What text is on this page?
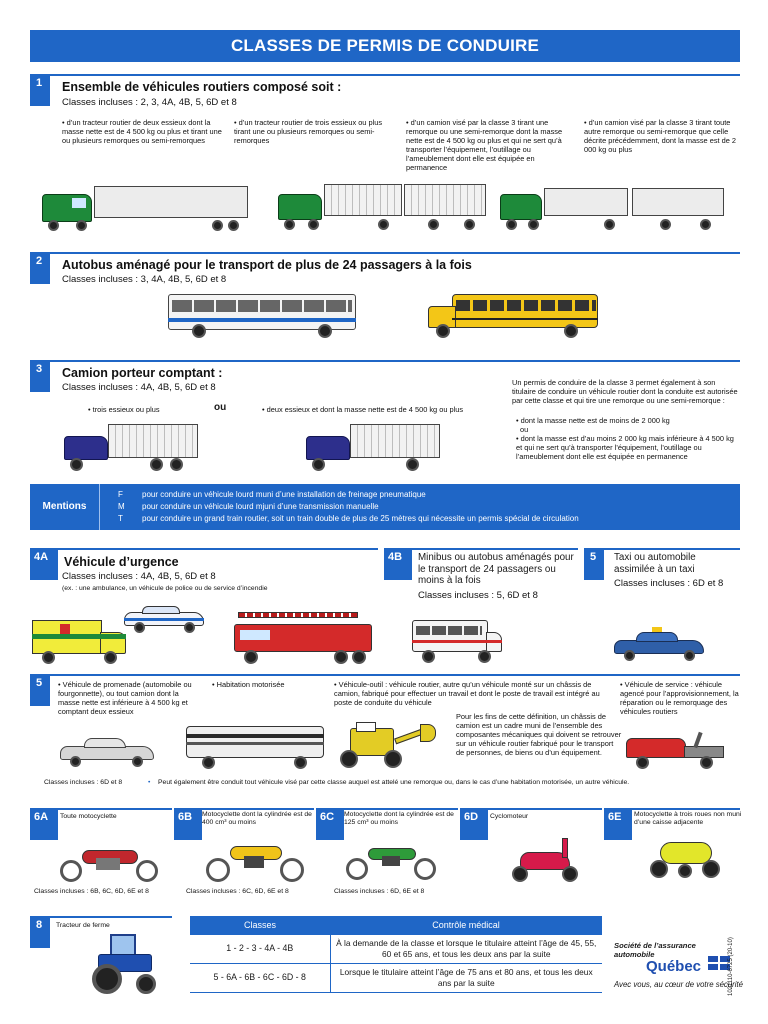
CLASSES DE PERMIS DE CONDUIRE
1	Ensemble de véhicules routiers composé soit :
Classes incluses : 2, 3, 4A, 4B, 5, 6D et 8
• d’un tracteur routier de deux essieux dont la masse nette est de 4 500 kg ou plus et tirant une ou plusieurs remorques ou semi-remorques
• d’un tracteur routier de trois essieux ou plus tirant une ou plusieurs remorques ou semi-remorques
• d’un camion visé par la classe 3 tirant une remorque ou une semi-remorque dont la masse nette est de 4 500 kg ou plus et qui ne sert qu’à transporter l’équipement, l’outillage ou l’ameublement dont elle est équipée en permanence
• d’un camion visé par la classe 3 tirant toute autre remorque ou semi-remorque que celle décrite précédemment, dont la masse est de 2 000 kg ou plus
2	Autobus aménagé pour le transport de plus de 24 passagers à la fois
Classes incluses : 3, 4A, 4B, 5, 6D et 8
3	Camion porteur comptant :
Classes incluses : 4A, 4B, 5, 6D et 8
• trois essieux ou plus	ou	• deux essieux et dont la masse nette est de 4 500 kg ou plus
Un permis de conduire de la classe 3 permet également à son titulaire de conduire un véhicule routier dont la conduite est autorisée par cette classe et qui tire une remorque ou une semi-remorque :
• dont la masse nette est de moins de 2 000 kg
ou
• dont la masse est d’au moins 2 000 kg mais inférieure à 4 500 kg et qui ne sert qu’à transporter l’équipement, l’outillage ou l’ameublement dont elle est équipée en permanence
Mentions
F pour conduire un véhicule lourd muni d’une installation de freinage pneumatique
M pour conduire un véhicule lourd mjuni d’une transmission manuelle
T pour conduire un grand train routier, soit un train double de plus de 25 mètres qui nécessite un permis spécial de circulation
4A	Véhicule d’urgence
Classes incluses : 4A, 4B, 5, 6D et 8
(ex. : une ambulance, un véhicule de police ou de service d’incendie
4B	Minibus ou autobus aménagés pour le transport de 24 passagers ou moins à la fois
Classes incluses : 5, 6D et 8
5	Taxi ou automobile assimilée à un taxi
Classes incluses : 6D et 8
5	• Véhicule de promenade (automobile ou fourgonnette), ou tout camion dont la masse nette est inférieure à 4 500 kg et comptant deux essieux
• Habitation motorisée	• Véhicule-outil : véhicule routier, autre qu’un véhicule monté sur un châssis de camion, fabriqué pour effectuer un travail et dont le poste de travail est intégré au poste de conduite du véhicule
Pour les fins de cette définition, un châssis de camion est un cadre muni de l’ensemble des composantes mécaniques qui doivent se retrouver sur un véhicule routier fabriqué pour le transport de personnes, de biens ou d’un équipement.
• Véhicule de service : véhicule agencé pour l’approvisionnement, la réparation ou le remorquage des véhicules routiers
Classes incluses : 6D et 8	• Peut également être conduit tout véhicule visé par cette classe auquel est attelé une remorque ou, dans le cas d’une habitation motorisée, un autre véhicule.
6A	Toute motocyclette
Classes incluses : 6B, 6C, 6D, 6E et 8
6B	Motocyclette dont la cylindrée est de 400 cm³ ou moins
Classes incluses : 6C, 6D, 6E et 8
6C	Motocyclette dont la cylindrée est de 125 cm³ ou moins
Classes incluses : 6D, 6E et 8
6D	Cyclomoteur	6E	Motocyclette à trois roues non muni d’une caisse adjacente
8	Tracteur de ferme	Classes	Contrôle médical
1 - 2 - 3 - 4A - 4B	À la demande de la classe et lorsque le titulaire atteint l’âge de 45, 55, 60 et 65 ans, et tous les deux ans par la suite
5 - 6A - 6B - 6C - 6D - 8	Lorsque le titulaire atteint l’âge de 75 ans et 80 ans, et tous les deux ans par la suite
Société de l’assurance
automobile
Québec
Avec vous, au cœur de votre sécurité
1021110-6725 (20-10)
